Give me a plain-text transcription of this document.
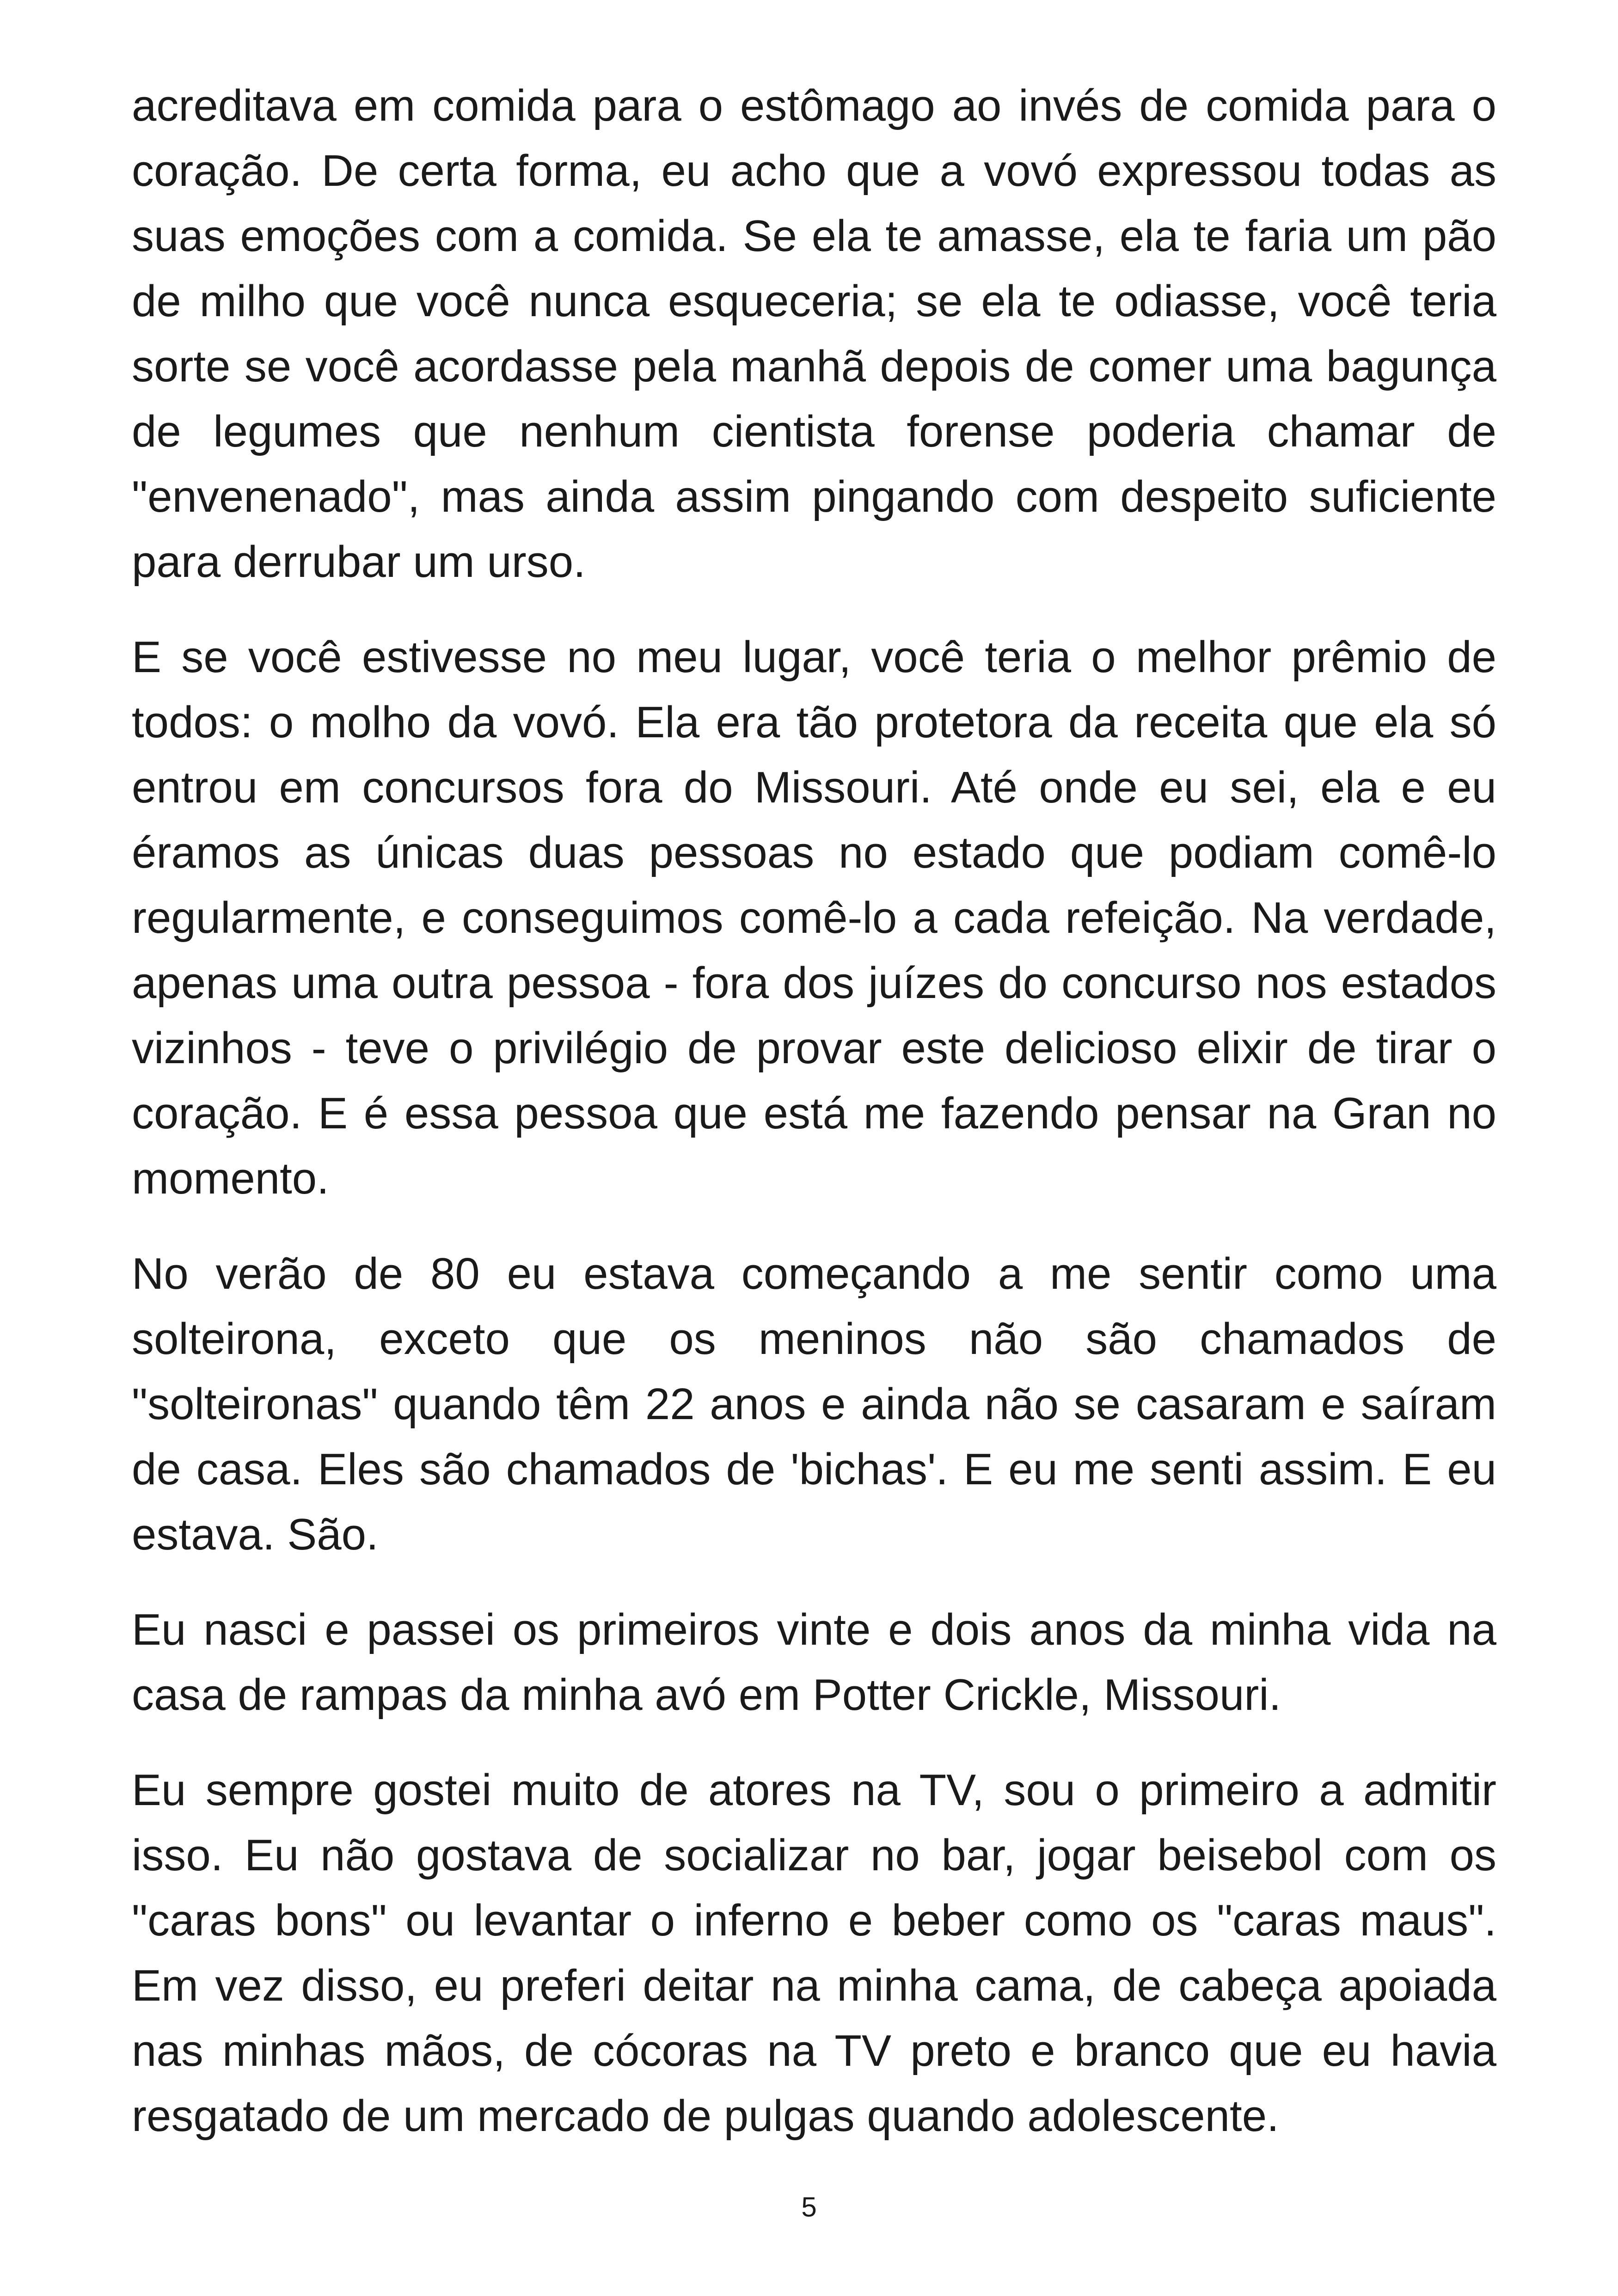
acreditava em comida para o estômago ao invés de comida para o coração. De certa forma, eu acho que a vovó expressou todas as suas emoções com a comida. Se ela te amasse, ela te faria um pão de milho que você nunca esqueceria; se ela te odiasse, você teria sorte se você acordasse pela manhã depois de comer uma bagunça de legumes que nenhum cientista forense poderia chamar de "envenenado", mas ainda assim pingando com despeito suficiente para derrubar um urso.

E se você estivesse no meu lugar, você teria o melhor prêmio de todos: o molho da vovó. Ela era tão protetora da receita que ela só entrou em concursos fora do Missouri. Até onde eu sei, ela e eu éramos as únicas duas pessoas no estado que podiam comê-lo regularmente, e conseguimos comê-lo a cada refeição. Na verdade, apenas uma outra pessoa - fora dos juízes do concurso nos estados vizinhos - teve o privilégio de provar este delicioso elixir de tirar o coração. E é essa pessoa que está me fazendo pensar na Gran no momento.

No verão de 80 eu estava começando a me sentir como uma solteirona, exceto que os meninos não são chamados de "solteironas" quando têm 22 anos e ainda não se casaram e saíram de casa. Eles são chamados de 'bichas'. E eu me senti assim. E eu estava. São.

Eu nasci e passei os primeiros vinte e dois anos da minha vida na casa de rampas da minha avó em Potter Crickle, Missouri.

Eu sempre gostei muito de atores na TV, sou o primeiro a admitir isso. Eu não gostava de socializar no bar, jogar beisebol com os "caras bons" ou levantar o inferno e beber como os "caras maus". Em vez disso, eu preferi deitar na minha cama, de cabeça apoiada nas minhas mãos, de cócoras na TV preto e branco que eu havia resgatado de um mercado de pulgas quando adolescente.

5
